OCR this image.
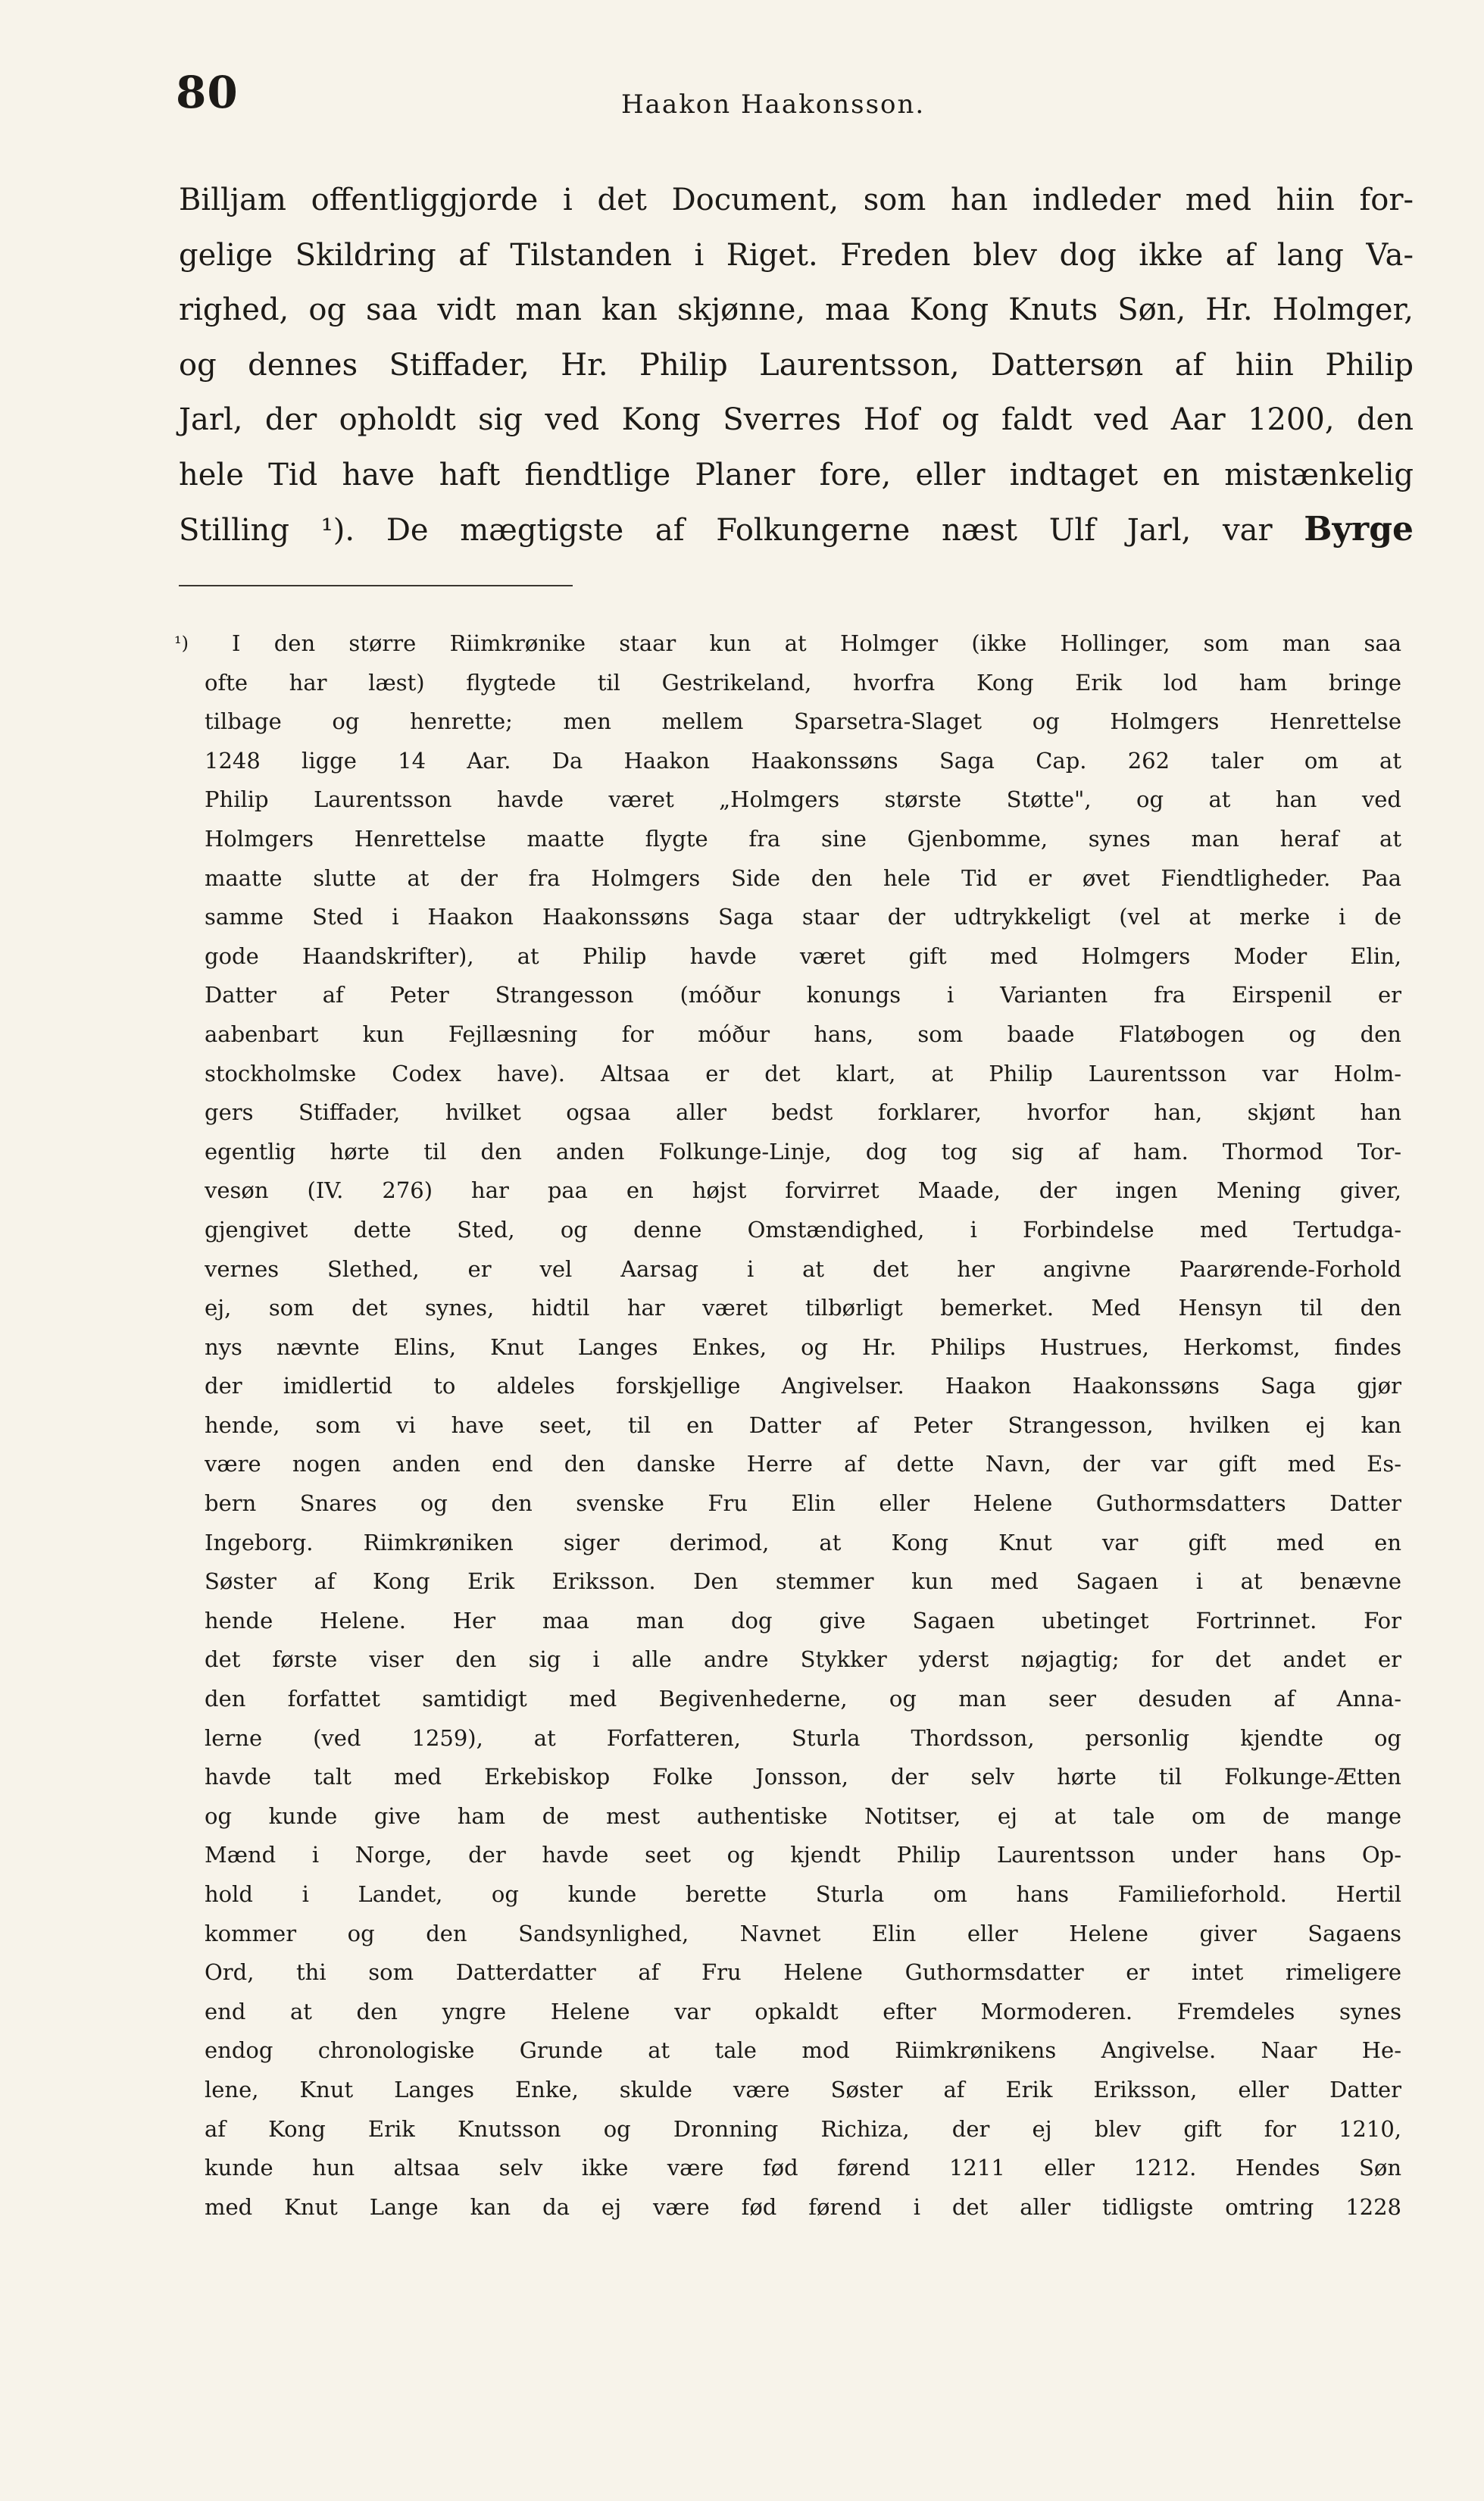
80	Haakon Haakonsson.
Billjam offentliggjorde i det Document, som han indleder med hiin for-
gelige Skildring af Tilstanden i Riget. Freden blev dog ikke af lang Va-
righed, og saa vidt man kan skjønne, maa Kong Knuts Søn, Hr. Holmger,
og dennes Stiffader, Hr. Philip Laurentsson, Dattersøn af hiin Philip
Jarl, der opholdt sig ved Kong Sverres Hof og faldt ved Aar 1200, den
hele Tid have haft fiendtlige Planer fore, eller indtaget en mistænkelig
Stilling ¹). De mægtigste af Folkungerne næst Ulf Jarl, var Byrge
¹) I den større Riimkrønike staar kun at Holmger (ikke Hollinger, som man saa
ofte har læst) flygtede til Gestrikeland, hvorfra Kong Erik lod ham bringe
tilbage og henrette; men mellem Sparsetra-Slaget og Holmgers Henrettelse
1248 ligge 14 Aar. Da Haakon Haakonssøns Saga Cap. 262 taler om at
Philip Laurentsson havde været „Holmgers største Støtte", og at han ved
Holmgers Henrettelse maatte flygte fra sine Gjenbomme, synes man heraf at
maatte slutte at der fra Holmgers Side den hele Tid er øvet Fiendtligheder. Paa
samme Sted i Haakon Haakonssøns Saga staar der udtrykkeligt (vel at merke i de
gode Haandskrifter), at Philip havde været gift med Holmgers Moder Elin,
Datter af Peter Strangesson (móður konungs i Varianten fra Eirspenil er
aabenbart kun Fejllæsning for móður hans, som baade Flatøbogen og den
stockholmske Codex have). Altsaa er det klart, at Philip Laurentsson var Holm-
gers Stiffader, hvilket ogsaa aller bedst forklarer, hvorfor han, skjønt han
egentlig hørte til den anden Folkunge-Linje, dog tog sig af ham. Thormod Tor-
vesøn (IV. 276) har paa en højst forvirret Maade, der ingen Mening giver,
gjengivet dette Sted, og denne Omstændighed, i Forbindelse med Tertudga-
vernes Slethed, er vel Aarsag i at det her angivne Paarørende-Forhold
ej, som det synes, hidtil har været tilbørligt bemerket. Med Hensyn til den
nys nævnte Elins, Knut Langes Enkes, og Hr. Philips Hustrues, Herkomst, findes
der imidlertid to aldeles forskjellige Angivelser. Haakon Haakonssøns Saga gjør
hende, som vi have seet, til en Datter af Peter Strangesson, hvilken ej kan
være nogen anden end den danske Herre af dette Navn, der var gift med Es-
bern Snares og den svenske Fru Elin eller Helene Guthormsdatters Datter
Ingeborg. Riimkrøniken siger derimod, at Kong Knut var gift med en
Søster af Kong Erik Eriksson. Den stemmer kun med Sagaen i at benævne
hende Helene. Her maa man dog give Sagaen ubetinget Fortrinnet. For
det første viser den sig i alle andre Stykker yderst nøjagtig; for det andet er
den forfattet samtidigt med Begivenhederne, og man seer desuden af Anna-
lerne (ved 1259), at Forfatteren, Sturla Thordsson, personlig kjendte og
havde talt med Erkebiskop Folke Jonsson, der selv hørte til Folkunge-Ætten
og kunde give ham de mest authentiske Notitser, ej at tale om de mange
Mænd i Norge, der havde seet og kjendt Philip Laurentsson under hans Op-
hold i Landet, og kunde berette Sturla om hans Familieforhold. Hertil
kommer og den Sandsynlighed, Navnet Elin eller Helene giver Sagaens
Ord, thi som Datterdatter af Fru Helene Guthormsdatter er intet rimeligere
end at den yngre Helene var opkaldt efter Mormoderen. Fremdeles synes
endog chronologiske Grunde at tale mod Riimkrønikens Angivelse. Naar He-
lene, Knut Langes Enke, skulde være Søster af Erik Eriksson, eller Datter
af Kong Erik Knutsson og Dronning Richiza, der ej blev gift for 1210,
kunde hun altsaa selv ikke være fød førend 1211 eller 1212. Hendes Søn
med Knut Lange kan da ej være fød førend i det aller tidligste omtring 1228
